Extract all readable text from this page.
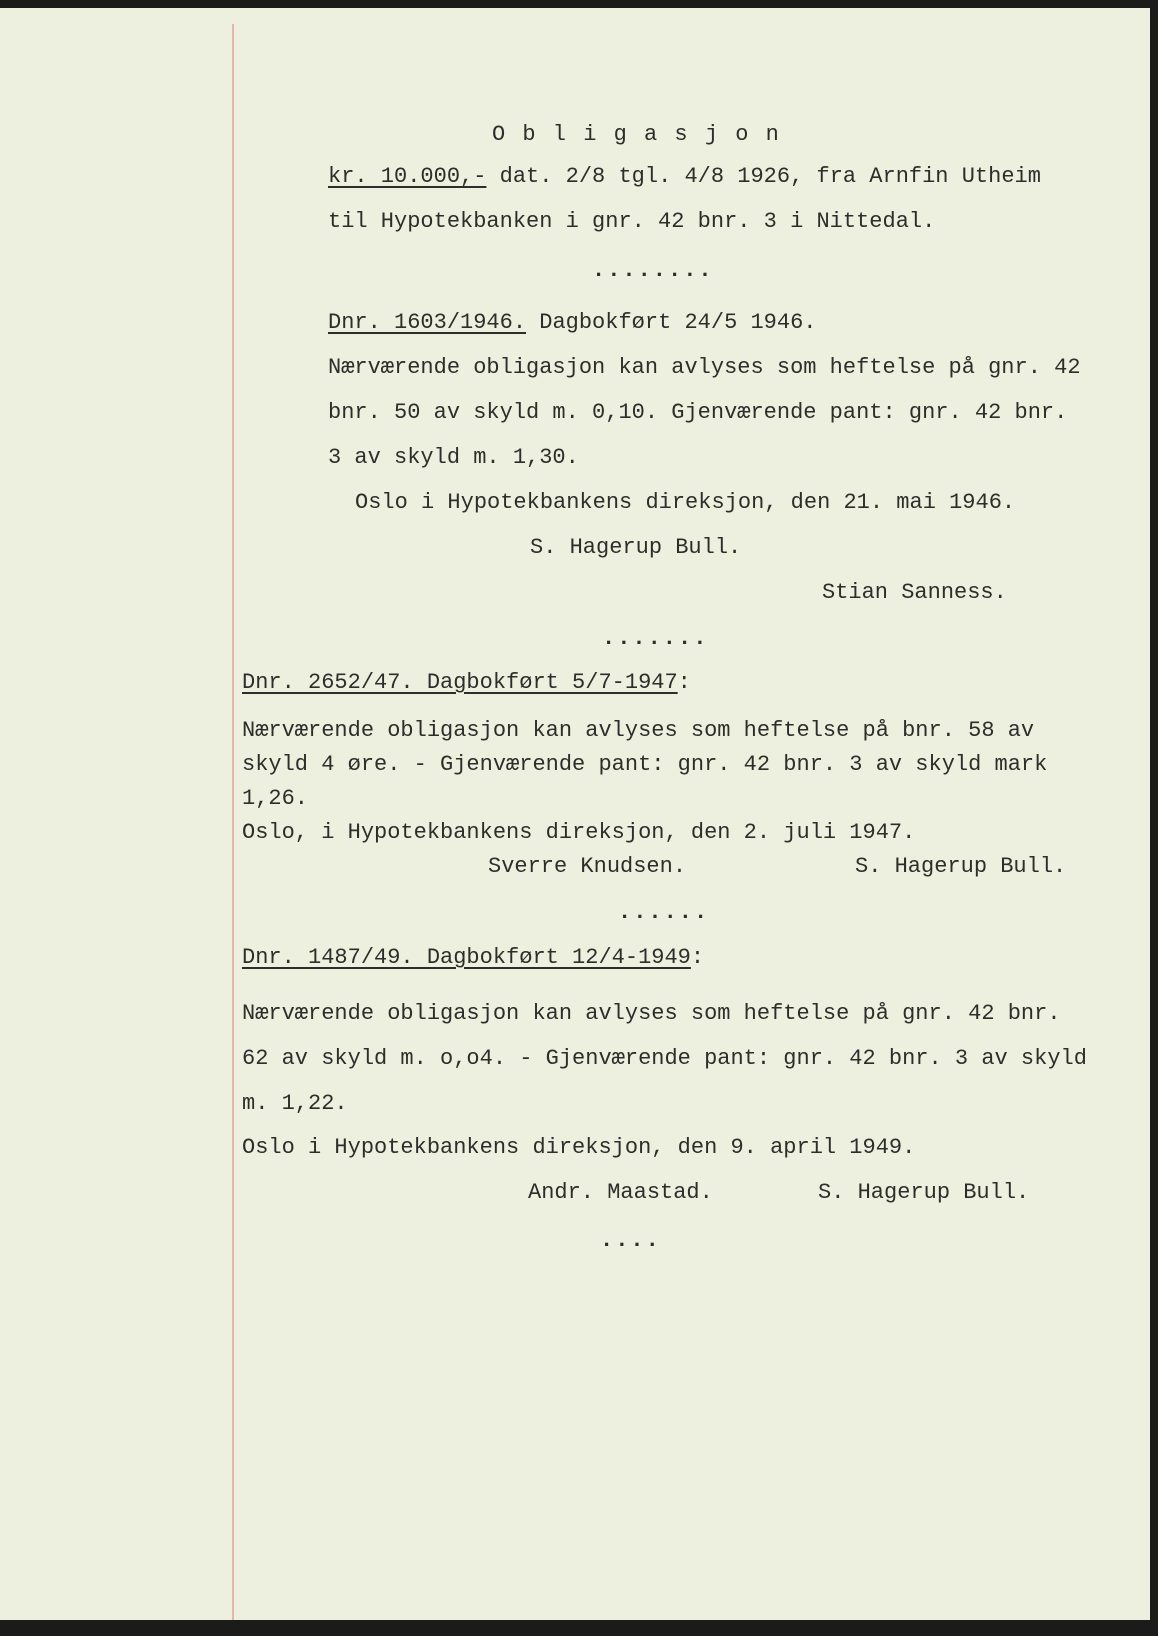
O b l i g a s j o n
kr. 10.000,- dat. 2/8 tgl. 4/8 1926, fra Arnfin Utheim
til Hypotekbanken i gnr. 42 bnr. 3 i Nittedal.
........
Dnr. 1603/1946. Dagbokført 24/5 1946.
Nærværende obligasjon kan avlyses som heftelse på gnr. 42
bnr. 50 av skyld m. 0,10. Gjenværende pant: gnr. 42 bnr.
3 av skyld m. 1,30.
Oslo i Hypotekbankens direksjon, den 21. mai 1946.
S. Hagerup Bull.
Stian Sanness.
.......
Dnr. 2652/47. Dagbokført 5/7-1947:
Nærværende obligasjon kan avlyses som heftelse på bnr. 58 av
skyld 4 øre. - Gjenværende pant: gnr. 42 bnr. 3 av skyld mark
1,26.
Oslo, i Hypotekbankens direksjon, den 2. juli 1947.
Sverre Knudsen.	S. Hagerup Bull.
......
Dnr. 1487/49. Dagbokført 12/4-1949:
Nærværende obligasjon kan avlyses som heftelse på gnr. 42 bnr.
62 av skyld m. o,o4. - Gjenværende pant: gnr. 42 bnr. 3 av skyld
m. 1,22.
Oslo i Hypotekbankens direksjon, den 9. april 1949.
Andr. Maastad.	S. Hagerup Bull.
....
